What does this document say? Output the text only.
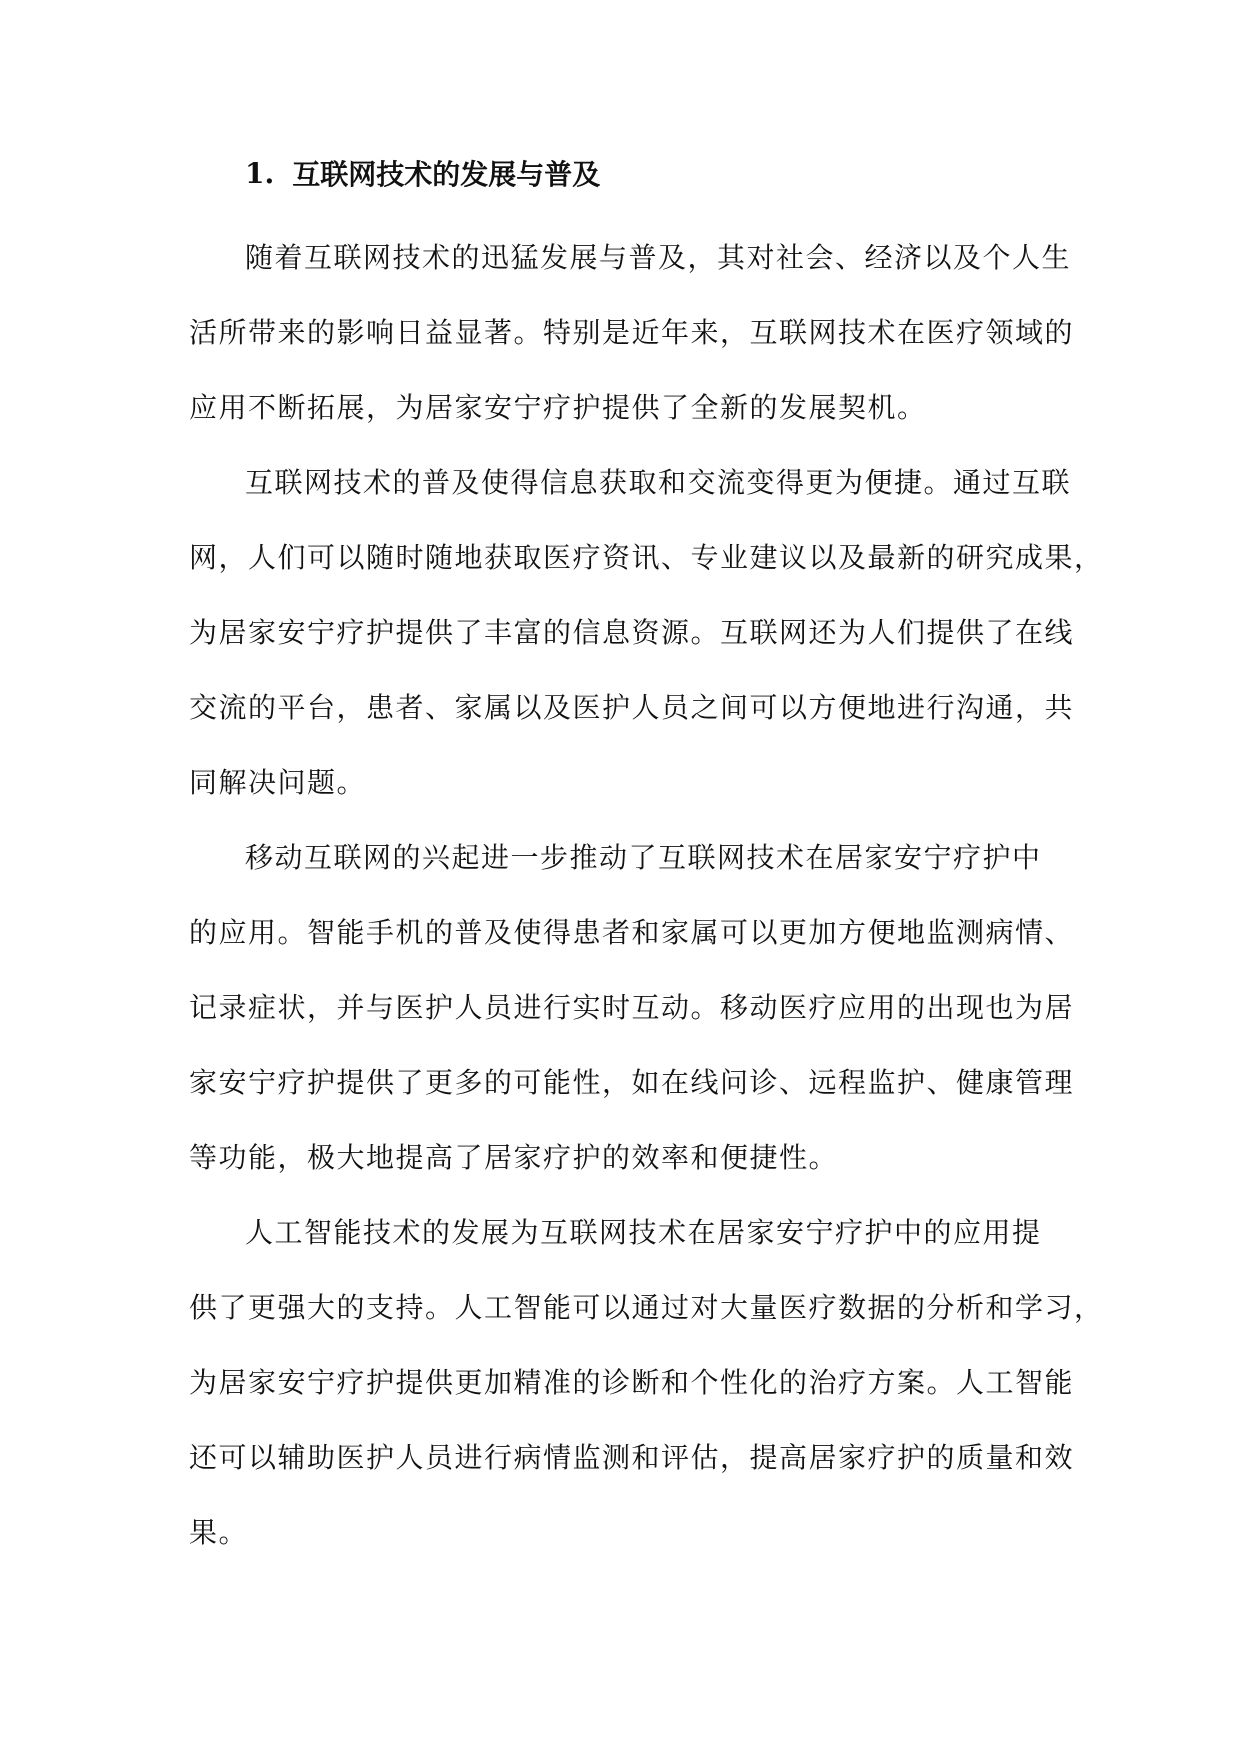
1. 互联网技术的发展与普及
随着互联网技术的迅猛发展与普及，其对社会、经济以及个人生
活所带来的影响日益显著。特别是近年来，互联网技术在医疗领域的
应用不断拓展，为居家安宁疗护提供了全新的发展契机。
互联网技术的普及使得信息获取和交流变得更为便捷。通过互联
网，人们可以随时随地获取医疗资讯、专业建议以及最新的研究成果，
为居家安宁疗护提供了丰富的信息资源。互联网还为人们提供了在线
交流的平台，患者、家属以及医护人员之间可以方便地进行沟通，共
同解决问题。
移动互联网的兴起进一步推动了互联网技术在居家安宁疗护中
的应用。智能手机的普及使得患者和家属可以更加方便地监测病情、
记录症状，并与医护人员进行实时互动。移动医疗应用的出现也为居
家安宁疗护提供了更多的可能性，如在线问诊、远程监护、健康管理
等功能，极大地提高了居家疗护的效率和便捷性。
人工智能技术的发展为互联网技术在居家安宁疗护中的应用提
供了更强大的支持。人工智能可以通过对大量医疗数据的分析和学习，
为居家安宁疗护提供更加精准的诊断和个性化的治疗方案。人工智能
还可以辅助医护人员进行病情监测和评估，提高居家疗护的质量和效
果。
